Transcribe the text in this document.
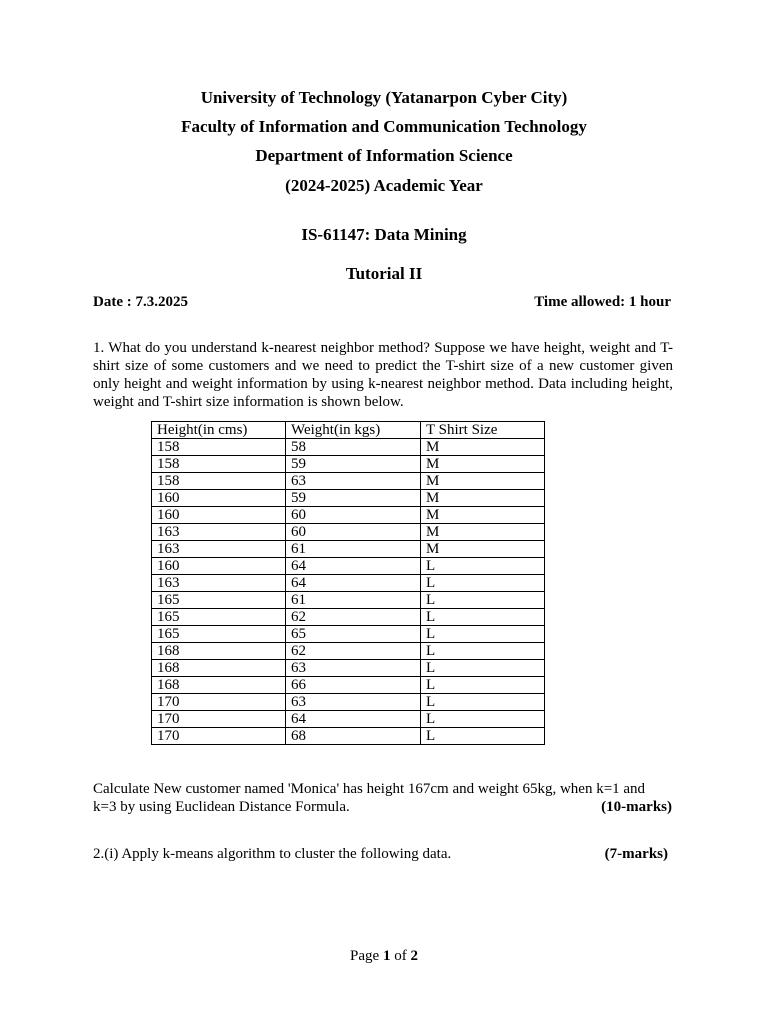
University of Technology (Yatanarpon Cyber City)
Faculty of Information and Communication Technology
Department of Information Science
(2024-2025) Academic Year
IS-61147: Data Mining
Tutorial II
Date : 7.3.2025	Time allowed: 1 hour
1. What do you understand k-nearest neighbor method? Suppose we have height, weight and T-shirt size of some customers and we need to predict the T-shirt size of a new customer given only height and weight information by using k-nearest neighbor method. Data including height, weight and T-shirt size information is shown below.
Height(in cms)	Weight(in kgs)	T Shirt Size
158	58	M
158	59	M
158	63	M
160	59	M
160	60	M
163	60	M
163	61	M
160	64	L
163	64	L
165	61	L
165	62	L
165	65	L
168	62	L
168	63	L
168	66	L
170	63	L
170	64	L
170	68	L
Calculate New customer named 'Monica' has height 167cm and weight 65kg, when k=1 and
k=3 by using Euclidean Distance Formula.	(10-marks)
2.(i) Apply k-means algorithm to cluster the following data.	(7-marks)
Page 1 of 2
